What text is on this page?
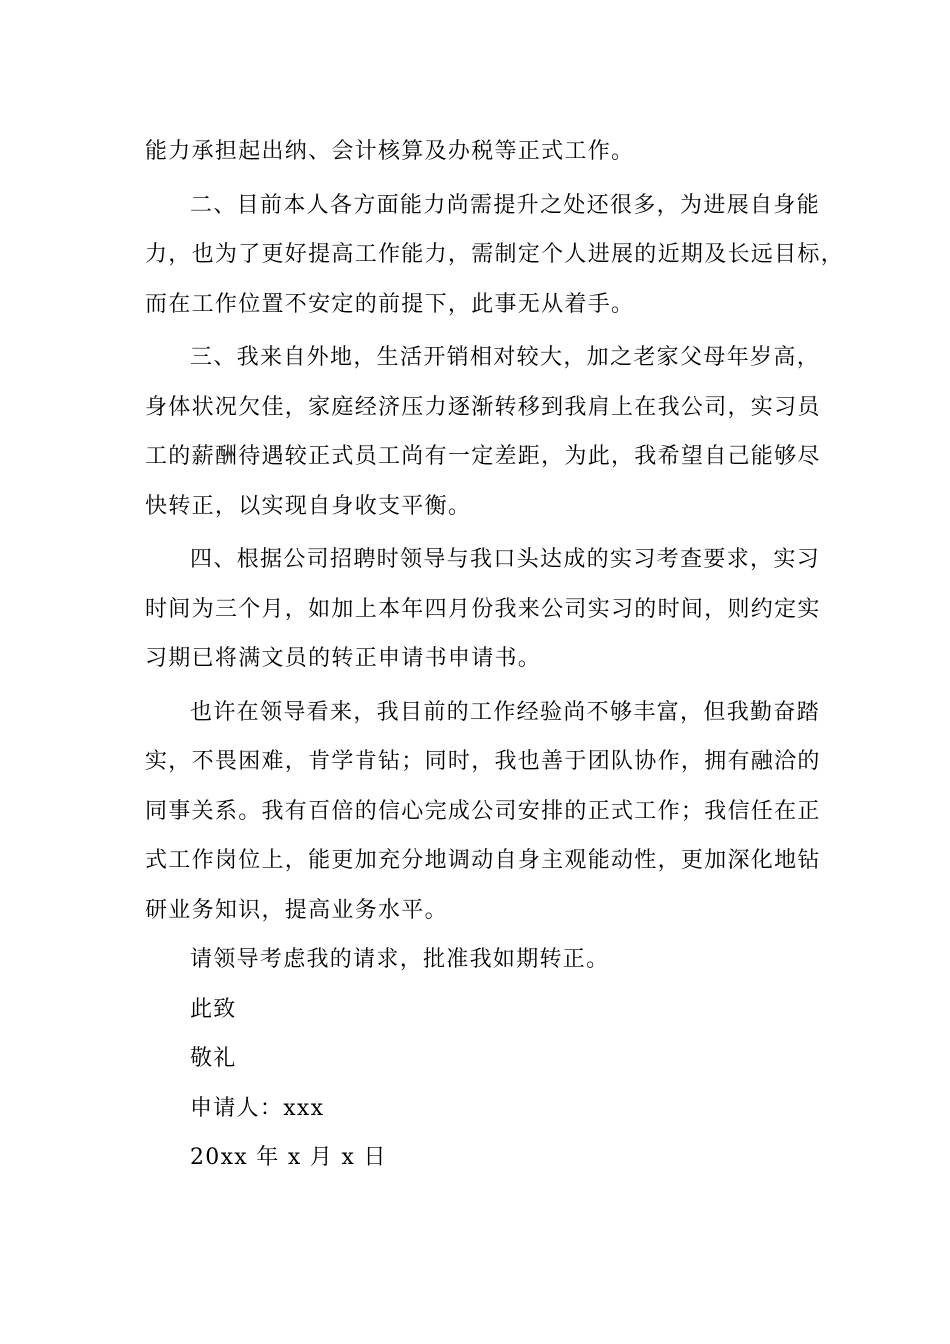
能力承担起出纳、会计核算及办税等正式工作。
二、目前本人各方面能力尚需提升之处还很多，为进展自身能
力，也为了更好提高工作能力，需制定个人进展的近期及长远目标，
而在工作位置不安定的前提下，此事无从着手。
三、我来自外地，生活开销相对较大，加之老家父母年岁高，
身体状况欠佳，家庭经济压力逐渐转移到我肩上在我公司，实习员
工的薪酬待遇较正式员工尚有一定差距，为此，我希望自己能够尽
快转正，以实现自身收支平衡。
四、根据公司招聘时领导与我口头达成的实习考查要求，实习
时间为三个月，如加上本年四月份我来公司实习的时间，则约定实
习期已将满文员的转正申请书申请书。
也许在领导看来，我目前的工作经验尚不够丰富，但我勤奋踏
实，不畏困难，肯学肯钻；同时，我也善于团队协作，拥有融洽的
同事关系。我有百倍的信心完成公司安排的正式工作；我信任在正
式工作岗位上，能更加充分地调动自身主观能动性，更加深化地钻
研业务知识，提高业务水平。
请领导考虑我的请求，批准我如期转正。
此致
敬礼
申请人：xxx
20xx 年 x 月 x 日
